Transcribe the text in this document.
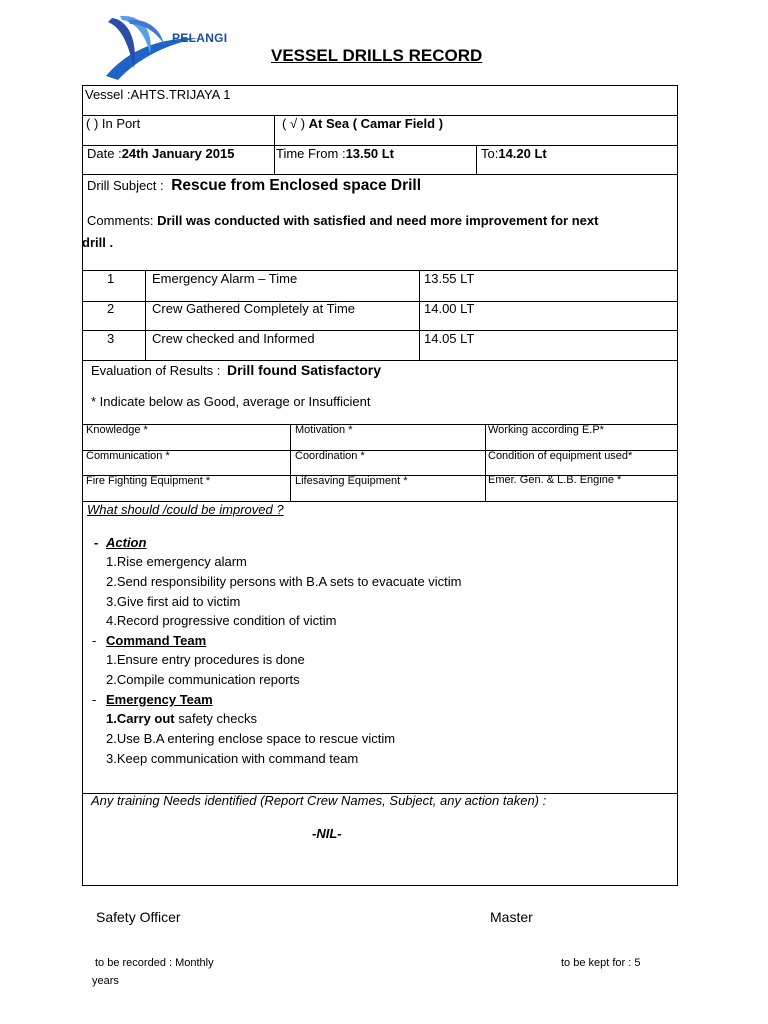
PELANGI
VESSEL DRILLS RECORD
Vessel :AHTS.TRIJAYA 1
( ) In Port	( √ ) At Sea ( Camar Field )
Date :24th January 2015	Time From :13.50 Lt	To:14.20 Lt
Drill Subject : Rescue from Enclosed space Drill
Comments: Drill was conducted with satisfied and need more improvement for next
drill .
1	Emergency Alarm – Time	13.55 LT
2	Crew Gathered Completely at Time	14.00 LT
3	Crew checked and Informed	14.05 LT
Evaluation of Results : Drill found Satisfactory
* Indicate below as Good, average or Insufficient
Knowledge *	Motivation *	Working according E.P*
Communication *	Coordination *	Condition of equipment used*
Fire Fighting Equipment *	Lifesaving Equipment *	Emer. Gen. & L.B. Engine *
What should /could be improved ?
- Action
1.Rise emergency alarm
2.Send responsibility persons with B.A sets to evacuate victim
3.Give first aid to victim
4.Record progressive condition of victim
- Command Team
1.Ensure entry procedures is done
2.Compile communication reports
- Emergency Team
1.Carry out safety checks
2.Use B.A entering enclose space to rescue victim
3.Keep communication with command team
Any training Needs identified (Report Crew Names, Subject, any action taken) :
-NIL-
Safety Officer	Master
to be recorded : Monthly	to be kept for : 5
years
